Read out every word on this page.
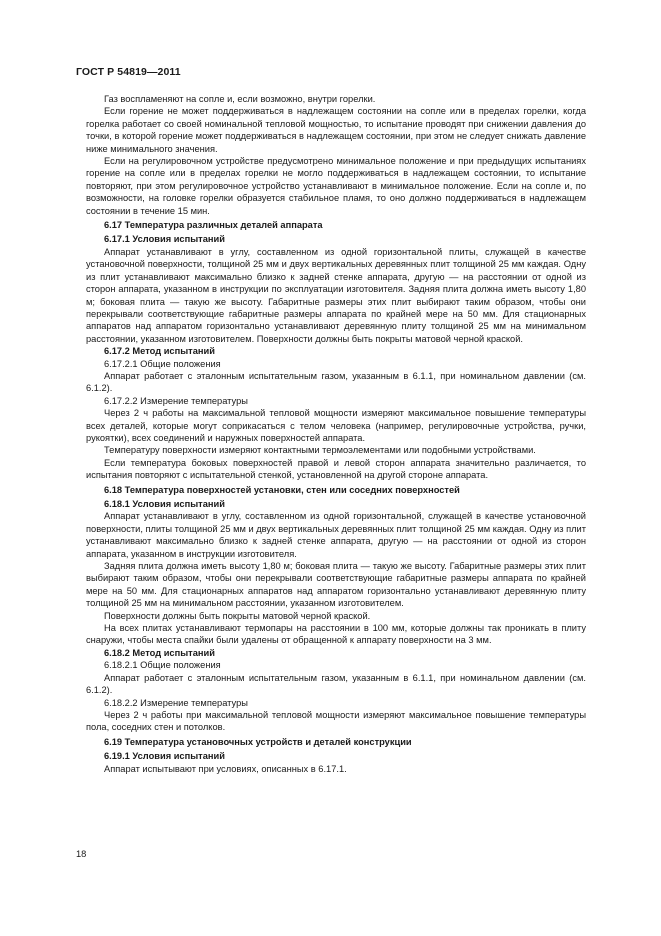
ГОСТ Р 54819—2011

Газ воспламеняют на сопле и, если возможно, внутри горелки.

Если горение не может поддерживаться в надлежащем состоянии на сопле или в пределах горелки, когда горелка работает со своей номинальной тепловой мощностью, то испытание проводят при снижении давления до точки, в которой горение может поддерживаться в надлежащем состоянии, при этом не следует снижать давление ниже минимального значения.

Если на регулировочном устройстве предусмотрено минимальное положение и при предыдущих испытаниях горение на сопле или в пределах горелки не могло поддерживаться в надлежащем состоянии, то испытание повторяют, при этом регулировочное устройство устанавливают в минимальное положение. Если на сопле и, по возможности, на головке горелки образуется стабильное пламя, то оно должно поддерживаться в надлежащем состоянии в течение 15 мин.

6.17 Температура различных деталей аппарата

6.17.1 Условия испытаний

Аппарат устанавливают в углу, составленном из одной горизонтальной плиты, служащей в качестве установочной поверхности, толщиной 25 мм и двух вертикальных деревянных плит толщиной 25 мм каждая. Одну из плит устанавливают максимально близко к задней стенке аппарата, другую — на расстоянии от одной из сторон аппарата, указанном в инструкции по эксплуатации изготовителя. Задняя плита должна иметь высоту 1,80 м; боковая плита — такую же высоту. Габаритные размеры этих плит выбирают таким образом, чтобы они перекрывали соответствующие габаритные размеры аппарата по крайней мере на 50 мм. Для стационарных аппаратов над аппаратом горизонтально устанавливают деревянную плиту толщиной 25 мм на минимальном расстоянии, указанном изготовителем. Поверхности должны быть покрыты матовой черной краской.

6.17.2 Метод испытаний

6.17.2.1 Общие положения

Аппарат работает с эталонным испытательным газом, указанным в 6.1.1, при номинальном давлении (см. 6.1.2).

6.17.2.2 Измерение температуры

Через 2 ч работы на максимальной тепловой мощности измеряют максимальное повышение температуры всех деталей, которые могут соприкасаться с телом человека (например, регулировочные устройства, ручки, рукоятки), всех соединений и наружных поверхностей аппарата.

Температуру поверхности измеряют контактными термоэлементами или подобными устройствами.

Если температура боковых поверхностей правой и левой сторон аппарата значительно различается, то испытания повторяют с испытательной стенкой, установленной на другой стороне аппарата.

6.18 Температура поверхностей установки, стен или соседних поверхностей

6.18.1 Условия испытаний

Аппарат устанавливают в углу, составленном из одной горизонтальной, служащей в качестве установочной поверхности, плиты толщиной 25 мм и двух вертикальных деревянных плит толщиной 25 мм каждая. Одну из плит устанавливают максимально близко к задней стенке аппарата, другую — на расстоянии от одной из сторон аппарата, указанном в инструкции изготовителя.

Задняя плита должна иметь высоту 1,80 м; боковая плита — такую же высоту. Габаритные размеры этих плит выбирают таким образом, чтобы они перекрывали соответствующие габаритные размеры аппарата по крайней мере на 50 мм. Для стационарных аппаратов над аппаратом горизонтально устанавливают деревянную плиту толщиной 25 мм на минимальном расстоянии, указанном изготовителем.

Поверхности должны быть покрыты матовой черной краской.

На всех плитах устанавливают термопары на расстоянии в 100 мм, которые должны так проникать в плиту снаружи, чтобы места спайки были удалены от обращенной к аппарату поверхности на 3 мм.

6.18.2 Метод испытаний

6.18.2.1 Общие положения

Аппарат работает с эталонным испытательным газом, указанным в 6.1.1, при номинальном давлении (см. 6.1.2).

6.18.2.2 Измерение температуры

Через 2 ч работы при максимальной тепловой мощности измеряют максимальное повышение температуры пола, соседних стен и потолков.

6.19 Температура установочных устройств и деталей конструкции

6.19.1 Условия испытаний

Аппарат испытывают при условиях, описанных в 6.17.1.

18
